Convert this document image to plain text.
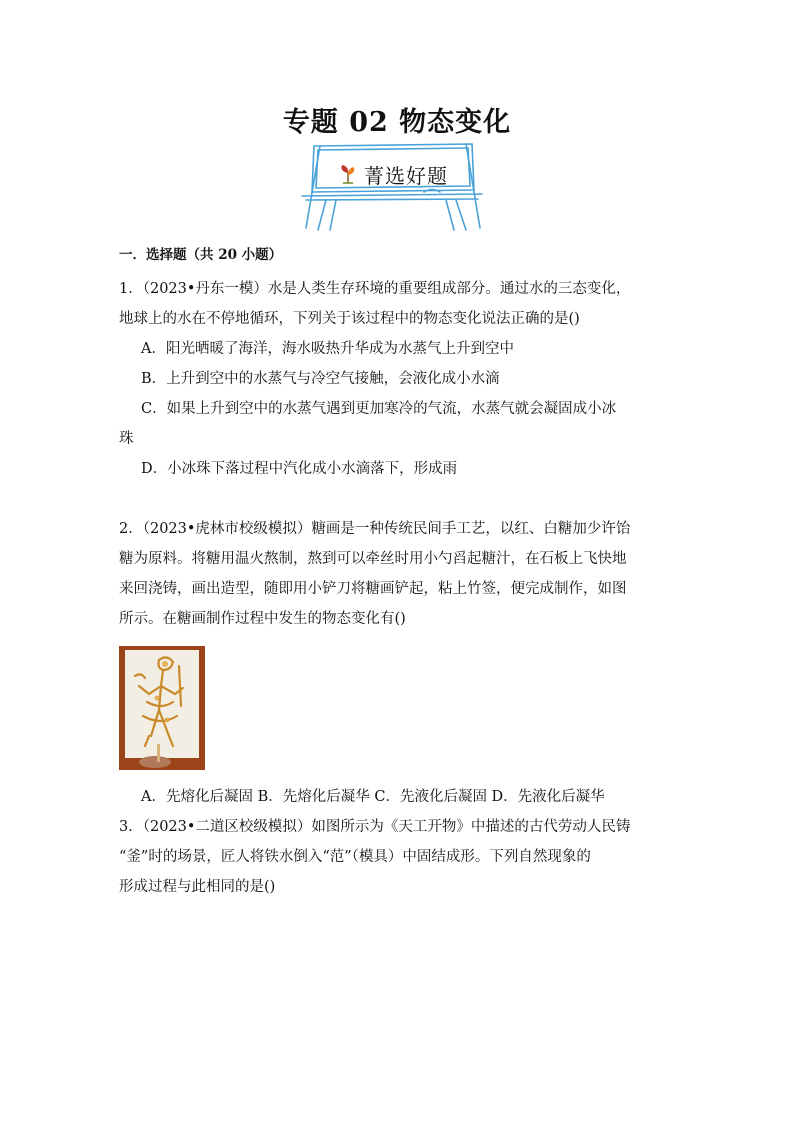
专题 02 物态变化
菁选好题
一．选择题（共 20 小题）
1．（2023•丹东一模）水是人类生存环境的重要组成部分。通过水的三态变化，
地球上的水在不停地循环，下列关于该过程中的物态变化说法正确的是()
A．阳光晒暖了海洋，海水吸热升华成为水蒸气上升到空中
B．上升到空中的水蒸气与冷空气接触，会液化成小水滴
C．如果上升到空中的水蒸气遇到更加寒冷的气流，水蒸气就会凝固成小冰
珠
D．小冰珠下落过程中汽化成小水滴落下，形成雨
2．（2023•虎林市校级模拟）糖画是一种传统民间手工艺，以红、白糖加少许饴
糖为原料。将糖用温火熬制，熬到可以牵丝时用小勺舀起糖汁，在石板上飞快地
来回浇铸，画出造型，随即用小铲刀将糖画铲起，粘上竹签，便完成制作，如图
所示。在糖画制作过程中发生的物态变化有()
A．先熔化后凝固 B．先熔化后凝华 C．先液化后凝固 D．先液化后凝华
3．（2023•二道区校级模拟）如图所示为《天工开物》中描述的古代劳动人民铸
“釜”时的场景，匠人将铁水倒入“范”（模具）中固结成形。下列自然现象的
形成过程与此相同的是()
